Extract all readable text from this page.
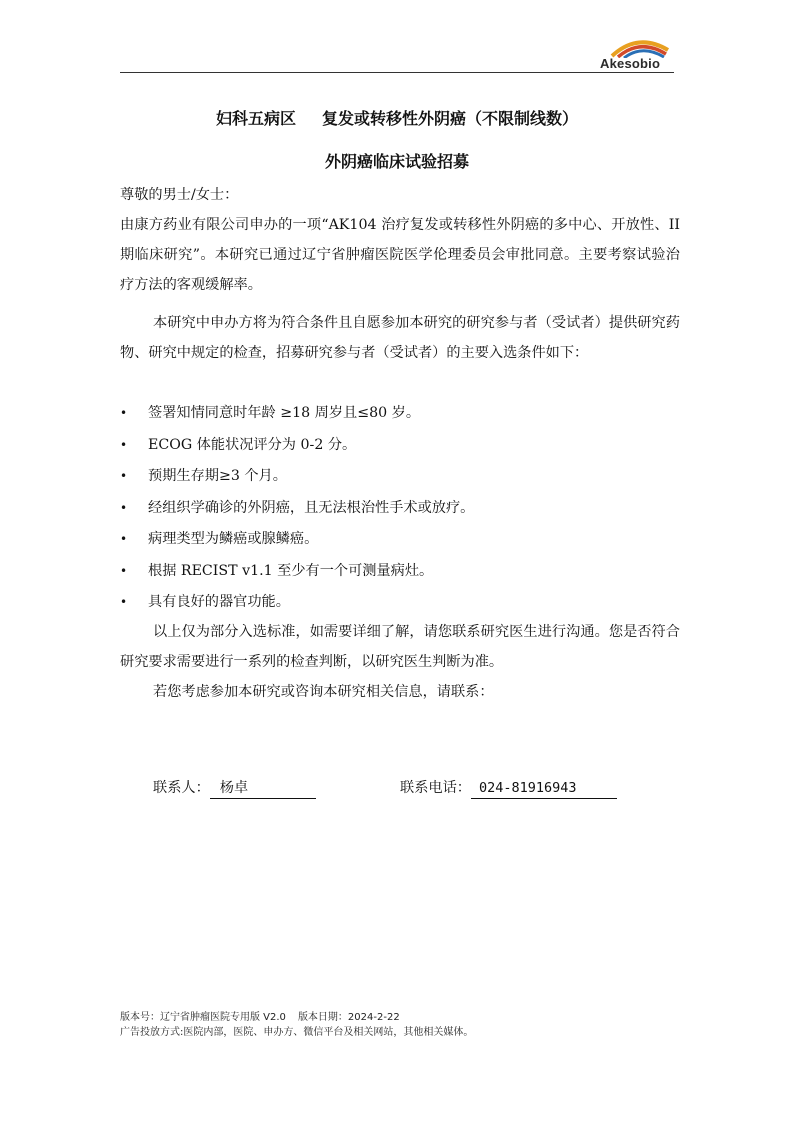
Akesobio
妇科五病区 复发或转移性外阴癌（不限制线数）
外阴癌临床试验招募
尊敬的男士/女士：
由康方药业有限公司申办的一项“AK104 治疗复发或转移性外阴癌的多中心、开放性、II 期临床研究”。本研究已通过辽宁省肿瘤医院医学伦理委员会审批同意。主要考察试验治疗方法的客观缓解率。
本研究中申办方将为符合条件且自愿参加本研究的研究参与者（受试者）提供研究药物、研究中规定的检查，招募研究参与者（受试者）的主要入选条件如下：
• 签署知情同意时年龄 ≥18 周岁且≤80 岁。
• ECOG 体能状况评分为 0-2 分。
• 预期生存期≥3 个月。
• 经组织学确诊的外阴癌，且无法根治性手术或放疗。
• 病理类型为鳞癌或腺鳞癌。
• 根据 RECIST v1.1 至少有一个可测量病灶。
• 具有良好的器官功能。
以上仅为部分入选标准，如需要详细了解，请您联系研究医生进行沟通。您是否符合研究要求需要进行一系列的检查判断，以研究医生判断为准。
若您考虑参加本研究或咨询本研究相关信息，请联系：
联系人： 杨卓	联系电话： 024-81916943
版本号：辽宁省肿瘤医院专用版 V2.0 版本日期：2024-2-22
广告投放方式:医院内部，医院、申办方、微信平台及相关网站，其他相关媒体。
